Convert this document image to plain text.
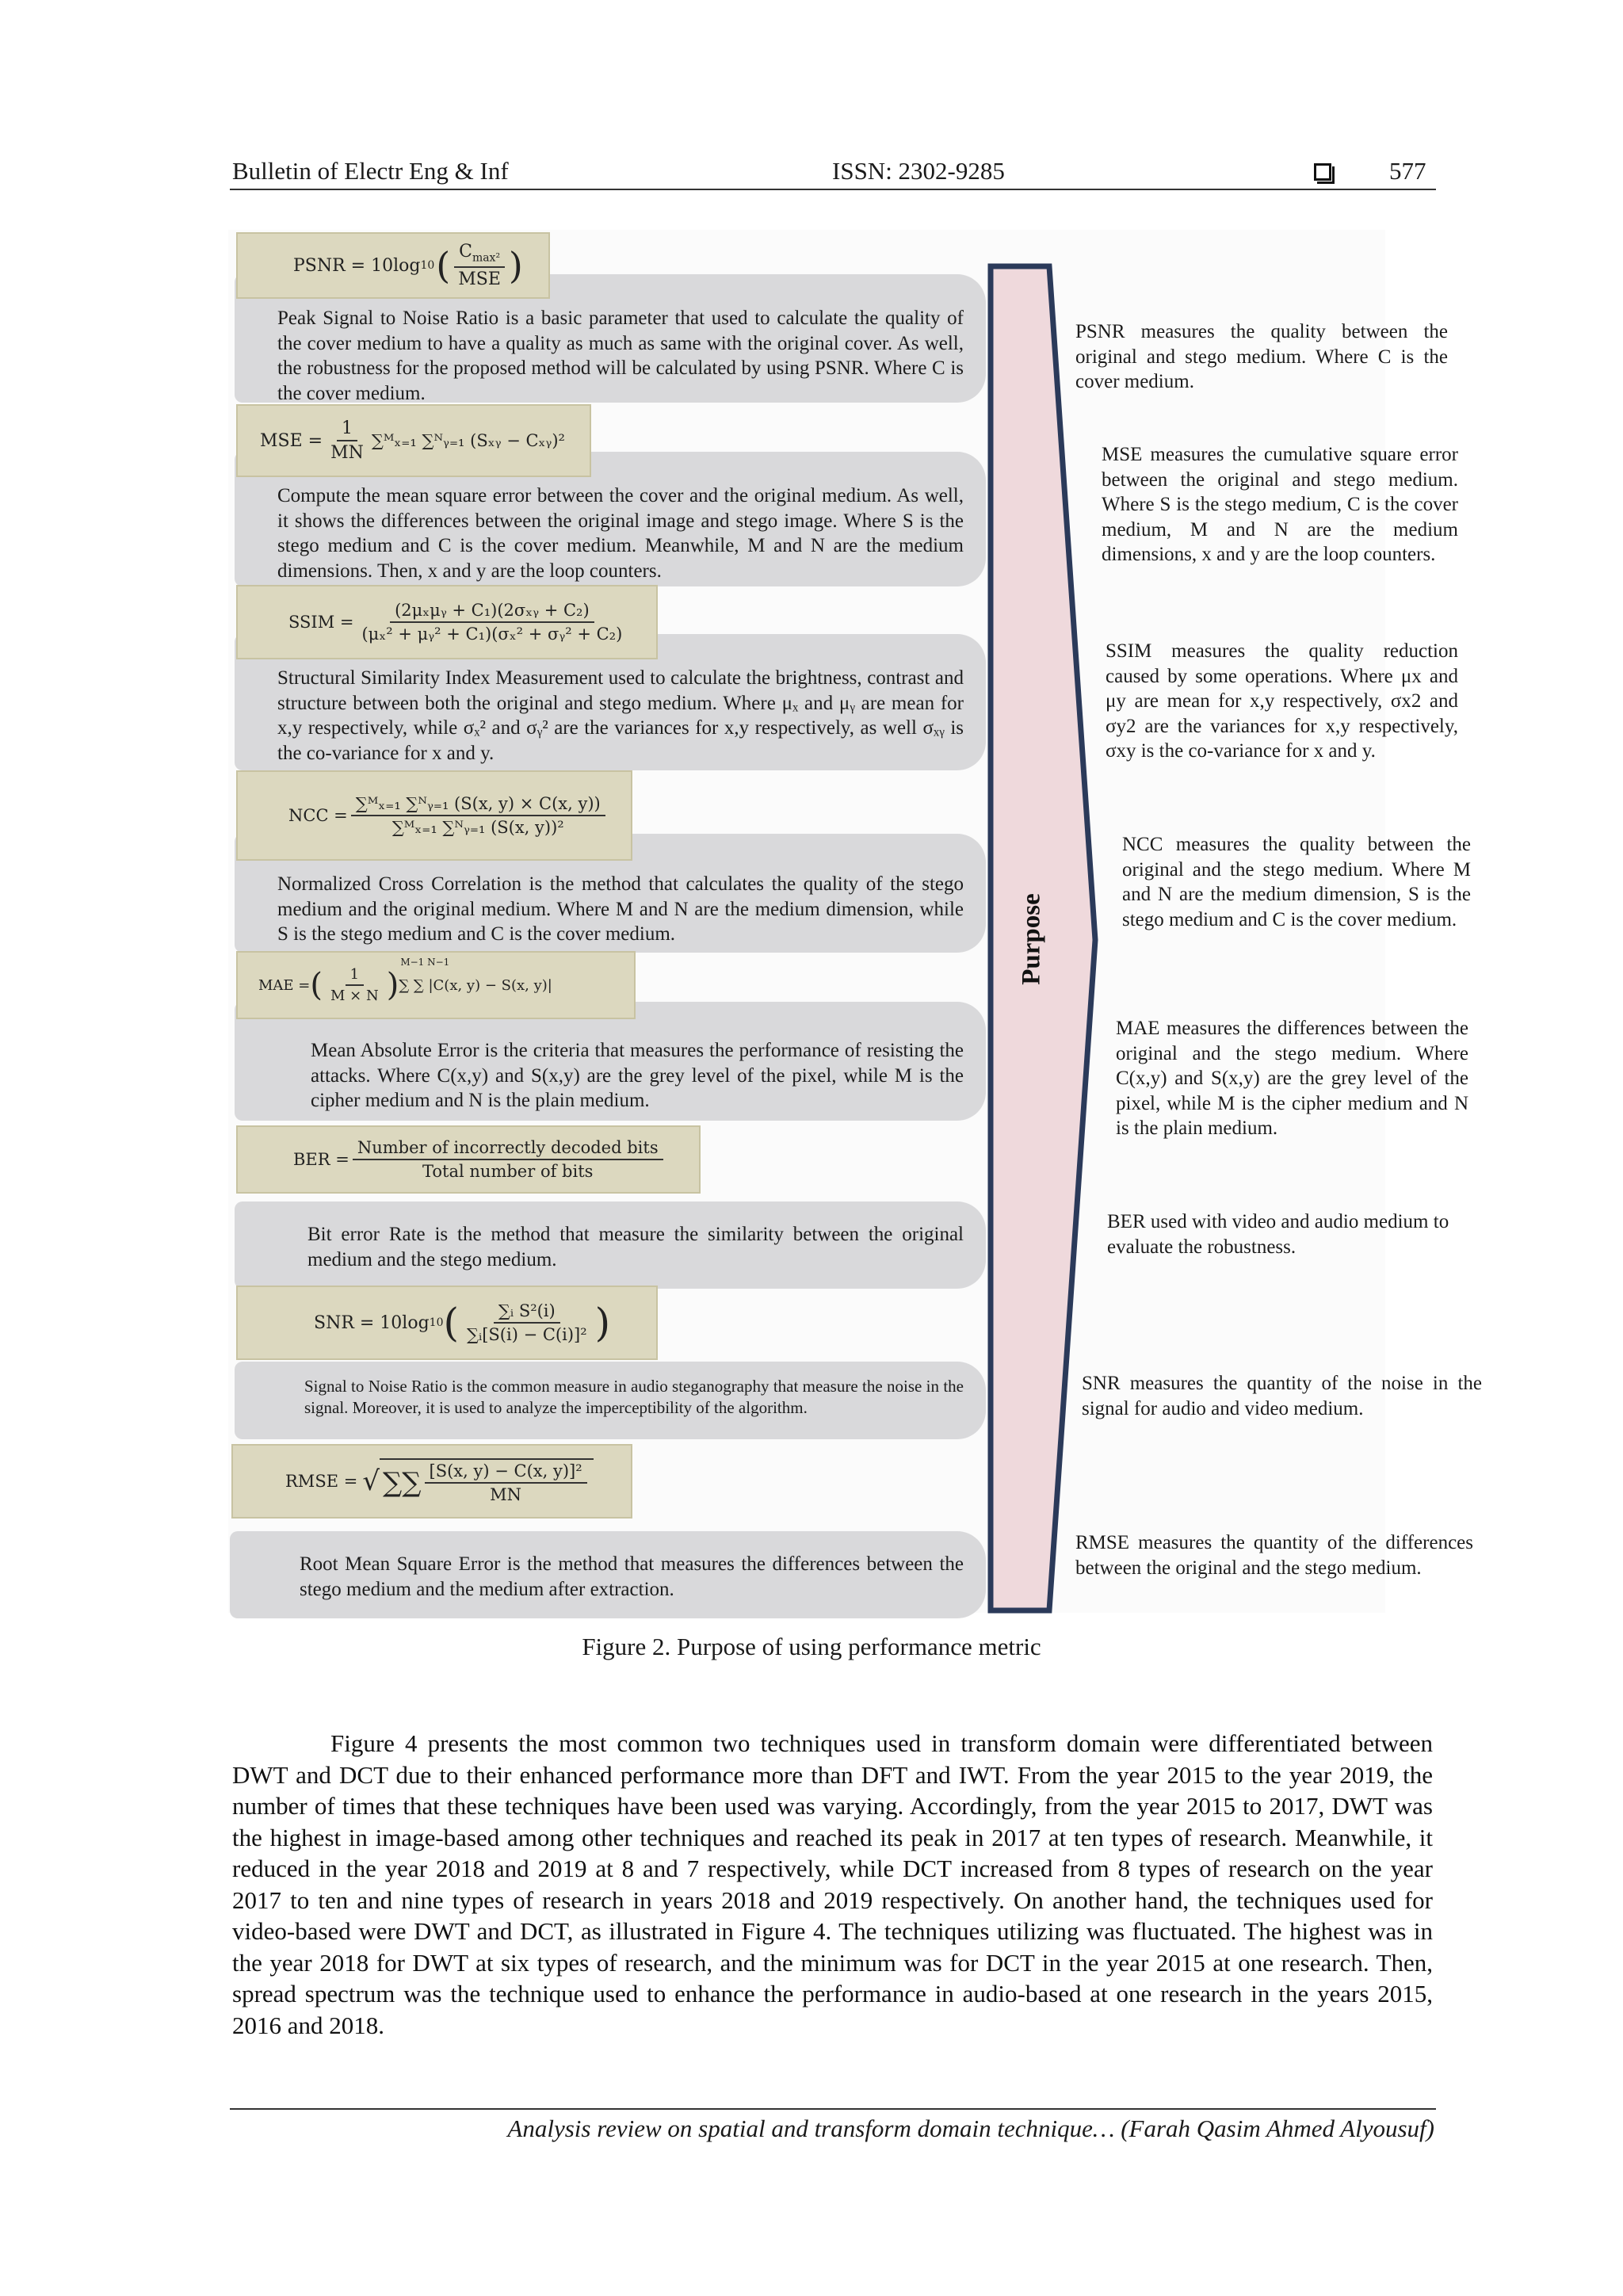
Bulletin of Electr Eng & Inf	ISSN: 2302-9285	577
Peak Signal to Noise Ratio is a basic parameter that used to calculate the quality of the cover medium to have a quality as much as same with the original cover. As well, the robustness for the proposed method will be calculated by using PSNR. Where C is the cover medium.
Compute the mean square error between the cover and the original medium. As well, it shows the differences between the original image and stego image. Where S is the stego medium and C is the cover medium. Meanwhile, M and N are the medium dimensions. Then, x and y are the loop counters.
Structural Similarity Index Measurement used to calculate the brightness, contrast and structure between both the original and stego medium. Where μₓ and μᵧ are mean for x,y respectively, while σₓ² and σᵧ² are the variances for x,y respectively, as well σₓᵧ is the co-variance for x and y.
Normalized Cross Correlation is the method that calculates the quality of the stego medium and the original medium. Where M and N are the medium dimension, while S is the stego medium and C is the cover medium.
Mean Absolute Error is the criteria that measures the performance of resisting the attacks. Where C(x,y) and S(x,y) are the grey level of the pixel, while M is the cipher medium and N is the plain medium.
Bit error Rate is the method that measure the similarity between the original medium and the stego medium.
Signal to Noise Ratio is the common measure in audio steganography that measure the noise in the signal. Moreover, it is used to analyze the imperceptibility of the algorithm.
Root Mean Square Error is the method that measures the differences between the stego medium and the medium after extraction.
PSNR = 10log 10 ( $\frac{C_{max^2}}{\text{MSE}}$ )
MSE = $\frac{1}{MN}$ ∑ᴹₓ₌₁ ∑ᴺᵧ₌₁ (Sₓᵧ − Cₓᵧ)²
SSIM = $\frac{\text{(2μₓμᵧ + C₁)(2σₓᵧ + C₂)}}{\text{(μₓ² + μᵧ² + C₁)(σₓ² + σᵧ² + C₂)}}$
NCC = $\frac{\text{∑ᴹₓ₌₁ ∑ᴺᵧ₌₁ (S(x, y) × C(x, y))}}{\text{∑ᴹₓ₌₁ ∑ᴺᵧ₌₁ (S(x, y))²}}$
MAE = ( $\frac{1}{M \times N}$ )
M−1 N−1
∑ ∑ |C(x, y) − S(x, y)|
BER = $\frac{\text{Number of incorrectly decoded bits}}{\text{Total number of bits}}$
SNR = 10log 10 ( $\frac{\text{∑ᵢ S²(i)}}{\text{∑ᵢ[S(i) − C(i)]²}}$ )
RMSE = √ ∑∑ $\frac{\text{[S(x, y) − C(x, y)]²}}{MN}$
Purpose
PSNR measures the quality between the original and stego medium. Where C is the cover medium.
MSE measures the cumulative square error between the original and stego medium. Where S is the stego medium, C is the cover medium, M and N are the medium dimensions, x and y are the loop counters.
SSIM measures the quality reduction caused by some operations. Where μx and μy are mean for x,y respectively, σx2 and σy2 are the variances for x,y respectively, σxy is the co-variance for x and y.
NCC measures the quality between the original and the stego medium. Where M and N are the medium dimension, S is the stego medium and C is the cover medium.
MAE measures the differences between the original and the stego medium. Where C(x,y) and S(x,y) are the grey level of the pixel, while M is the cipher medium and N is the plain medium.
BER used with video and audio medium to evaluate the robustness.
SNR measures the quantity of the noise in the signal for audio and video medium.
RMSE measures the quantity of the differences between the original and the stego medium.
Figure 2. Purpose of using performance metric
Figure 4 presents the most common two techniques used in transform domain were differentiated between DWT and DCT due to their enhanced performance more than DFT and IWT. From the year 2015 to the year 2019, the number of times that these techniques have been used was varying. Accordingly, from the year 2015 to 2017, DWT was the highest in image-based among other techniques and reached its peak in 2017 at ten types of research. Meanwhile, it reduced in the year 2018 and 2019 at 8 and 7 respectively, while DCT increased from 8 types of research on the year 2017 to ten and nine types of research in years 2018 and 2019 respectively. On another hand, the techniques used for video-based were DWT and DCT, as illustrated in Figure 4. The techniques utilizing was fluctuated. The highest was in the year 2018 for DWT at six types of research, and the minimum was for DCT in the year 2015 at one research. Then, spread spectrum was the technique used to enhance the performance in audio-based at one research in the years 2015, 2016 and 2018.
Analysis review on spatial and transform domain technique… (Farah Qasim Ahmed Alyousuf)
